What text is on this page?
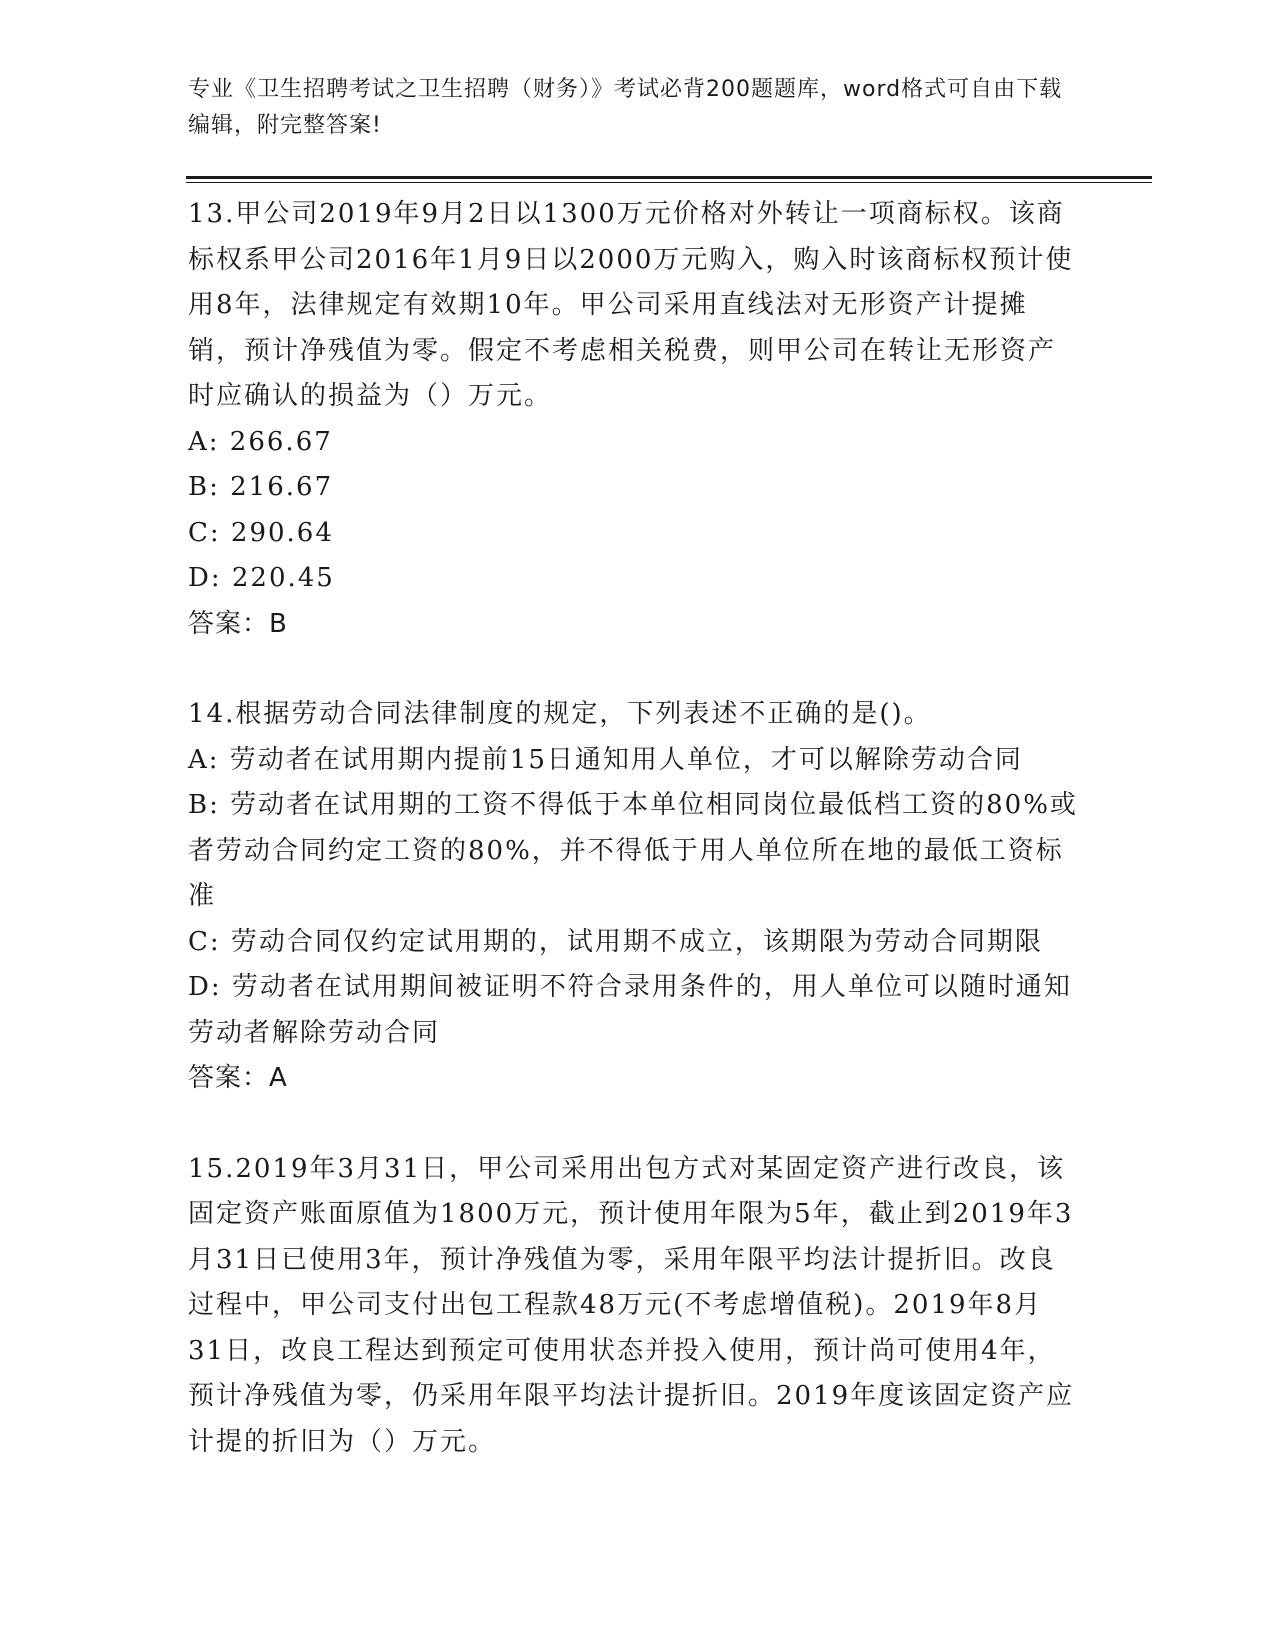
专业《卫生招聘考试之卫生招聘（财务）》考试必背200题题库，word格式可自由下载编辑，附完整答案!
13.甲公司2019年9月2日以1300万元价格对外转让一项商标权。该商标权系甲公司2016年1月9日以2000万元购入，购入时该商标权预计使用8年，法律规定有效期10年。甲公司采用直线法对无形资产计提摊销，预计净残值为零。假定不考虑相关税费，则甲公司在转让无形资产时应确认的损益为（）万元。
A: 266.67
B: 216.67
C: 290.64
D: 220.45
答案：B
14.根据劳动合同法律制度的规定，下列表述不正确的是()。
A: 劳动者在试用期内提前15日通知用人单位，才可以解除劳动合同
B: 劳动者在试用期的工资不得低于本单位相同岗位最低档工资的80%或者劳动合同约定工资的80%，并不得低于用人单位所在地的最低工资标准
C: 劳动合同仅约定试用期的，试用期不成立，该期限为劳动合同期限
D: 劳动者在试用期间被证明不符合录用条件的，用人单位可以随时通知劳动者解除劳动合同
答案：A
15.2019年3月31日，甲公司采用出包方式对某固定资产进行改良，该固定资产账面原值为1800万元，预计使用年限为5年，截止到2019年3月31日已使用3年，预计净残值为零，采用年限平均法计提折旧。改良过程中，甲公司支付出包工程款48万元(不考虑增值税)。2019年8月31日，改良工程达到预定可使用状态并投入使用，预计尚可使用4年，预计净残值为零，仍采用年限平均法计提折旧。2019年度该固定资产应计提的折旧为（）万元。
